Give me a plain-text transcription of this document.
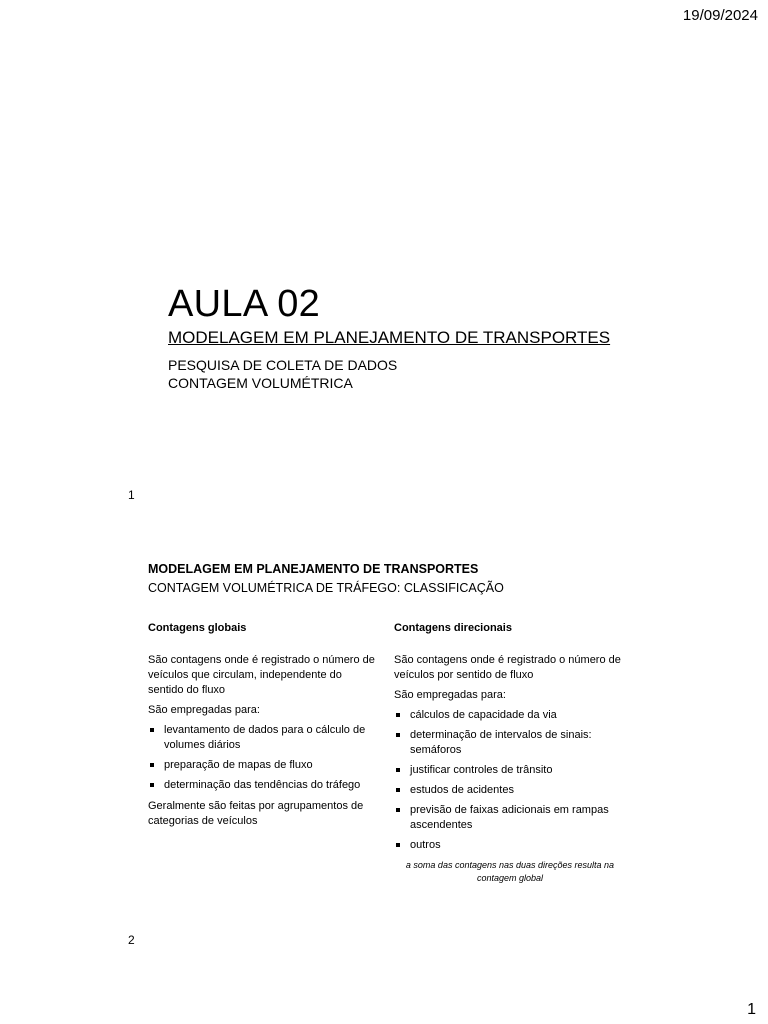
19/09/2024
AULA 02
MODELAGEM EM PLANEJAMENTO DE TRANSPORTES
PESQUISA DE COLETA DE DADOS
CONTAGEM VOLUMÉTRICA
1
MODELAGEM EM PLANEJAMENTO DE TRANSPORTES
CONTAGEM VOLUMÉTRICA DE TRÁFEGO: CLASSIFICAÇÃO
Contagens globais

São contagens onde é registrado o número de veículos que circulam, independente do sentido do fluxo

São empregadas para:

levantamento de dados para o cálculo de volumes diários
preparação de mapas de fluxo
determinação das tendências do tráfego

Geralmente são feitas por agrupamentos de categorias de veículos

Contagens direcionais

São contagens onde é registrado o número de veículos por sentido de fluxo

São empregadas para:

cálculos de capacidade da via
determinação de intervalos de sinais: semáforos
justificar controles de trânsito
estudos de acidentes
previsão de faixas adicionais em rampas ascendentes
outros
a soma das contagens nas duas direções resulta na contagem global
2
1
